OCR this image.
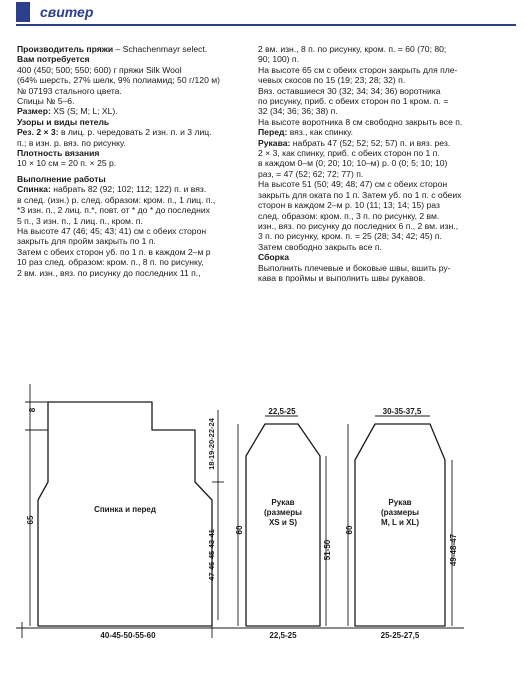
свитер

Производитель пряжи – Schachenmayr select.

Вам потребуется

400 (450; 500; 550; 600) г пряжи Silk Wool

(64% шерсть, 27% шелк, 9% полиамид; 50 г/120 м)

№ 07193 стального цвета.

Спицы № 5–6.

Размер: XS (S; M; L; XL).

Узоры и виды петель

Рез. 2 × 3: в лиц. р. чередовать 2 изн. п. и 3 лиц.

п.; в изн. р. вяз. по рисунку.

Плотность вязания

10 × 10 см = 20 п. × 25 р.

Выполнение работы

Спинка: набрать 82 (92; 102; 112; 122) п. и вяз.

в след. (изн.) р. след. образом: кром. п., 1 лиц. п.,

*3 изн. п., 2 лиц. п.*, повт. от * до * до последних

5 п., 3 изн. п., 1 лиц. п., кром. п.

На высоте 47 (46; 45; 43; 41) см с обеих сторон

закрыть для пройм закрыть по 1 п.

Затем с обеих сторон уб. по 1 п. в каждом 2–м р

10 раз след. образом: кром. п., 8 п. по рисунку,

2 вм. изн., вяз. по рисунку до последних 11 п.,

2 вм. изн., 8 п. по рисунку, кром. п. = 60 (70; 80;

90; 100) п.

На высоте 65 см с обеих сторон закрыть для пле-

чевых скосов по 15 (19; 23; 28; 32) п.

Вяз. оставшиеся 30 (32; 34; 34; 36) воротника

по рисунку, приб. с обеих сторон по 1 кром. п. =

32 (34; 36; 36; 38) п.

На высоте воротника 8 см свободно закрыть все п.

Перед: вяз., как спинку.

Рукава: набрать 47 (52; 52; 52; 57) п. и вяз. рез.

2 × 3, как спинку, приб. с обеих сторон по 1 п.

в каждом 0–м (0; 20; 10; 10–м) р. 0 (0; 5; 10; 10)

раз, = 47 (52; 62; 72; 77) п.

На высоте 51 (50; 49; 48; 47) см с обеих сторон

закрыть для оката по 1 п. Затем уб. по 1 п. с обеих

сторон в каждом 2–м р. 10 (11; 13; 14; 15) раз

след. образом: кром. п., 3 п. по рисунку, 2 вм.

изн., вяз. по рисунку до последних 6 п., 2 вм. изн.,

3 п. по рисунку, кром. п. = 25 (28; 34; 42; 45) п.

Затем свободно закрыть все п.

Сборка

Выполнить плечевые и боковые швы, вшить ру-

кава в проймы и выполнить швы рукавов.

Спинка и перед
8
65
18-19-20-22-24
47-46-45-43-41
40-45-50-55-60
Рукав
(размеры
XS и S)
22,5-25
22,5-25
60
51-50
Рукав
(размеры
M, L и XL)
30-35-37,5
25-25-27,5
60
49-48-47
